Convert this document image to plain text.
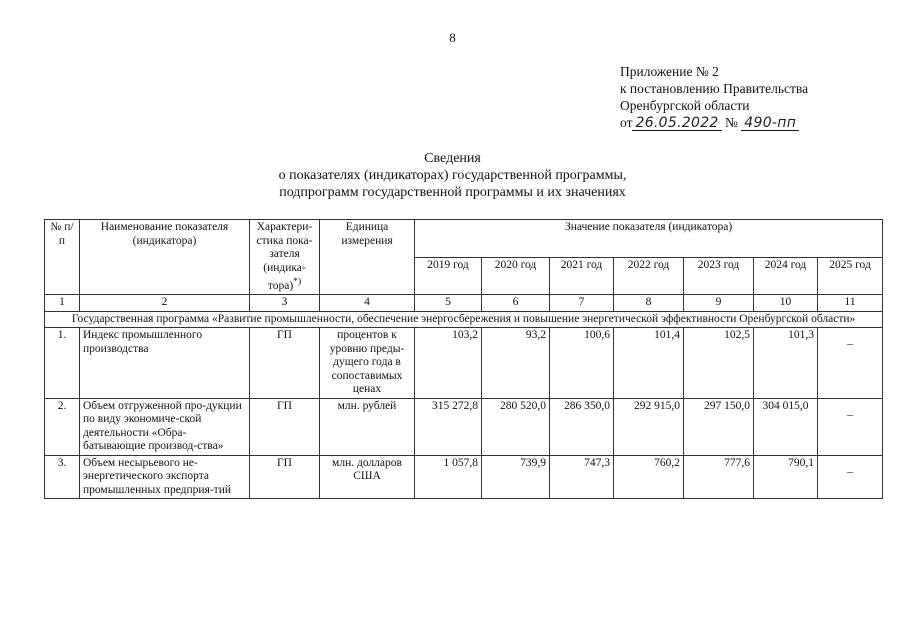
8
Приложение № 2
к постановлению Правительства
Оренбургской области
от 26.05.2022 № 490-пп
Сведения
о показателях (индикаторах) государственной программы,
подпрограмм государственной программы и их значениях
№ п/п	Наименование показателя (индикатора)	Характери-стика пока-зателя (индика-тора)*)	Единица измерения	Значение показателя (индикатора)						
				2019 год	2020 год	2021 год	2022 год	2023 год	2024 год	2025 год
1	2	3	4	5	6	7	8	9	10	11
Государственная программа «Развитие промышленности, обеспечение энергосбережения и повышение энергетической эффективности Оренбургской области»										
1.	Индекс промышленного производства	ГП	процентов к уровню преды-дущего года в сопоставимых ценах	103,2	93,2	100,6	101,4	102,5	101,3	–
2.	Объем отгруженной про-дукции по виду экономиче-ской деятельности «Обра-батывающие производ-ства»	ГП	млн. рублей	315 272,8	280 520,0	286 350,0	292 915,0	297 150,0	304 015,0	–
3.	Объем несырьевого не-энергетического экспорта промышленных предприя-тий	ГП	млн. долларов США	1 057,8	739,9	747,3	760,2	777,6	790,1	–
